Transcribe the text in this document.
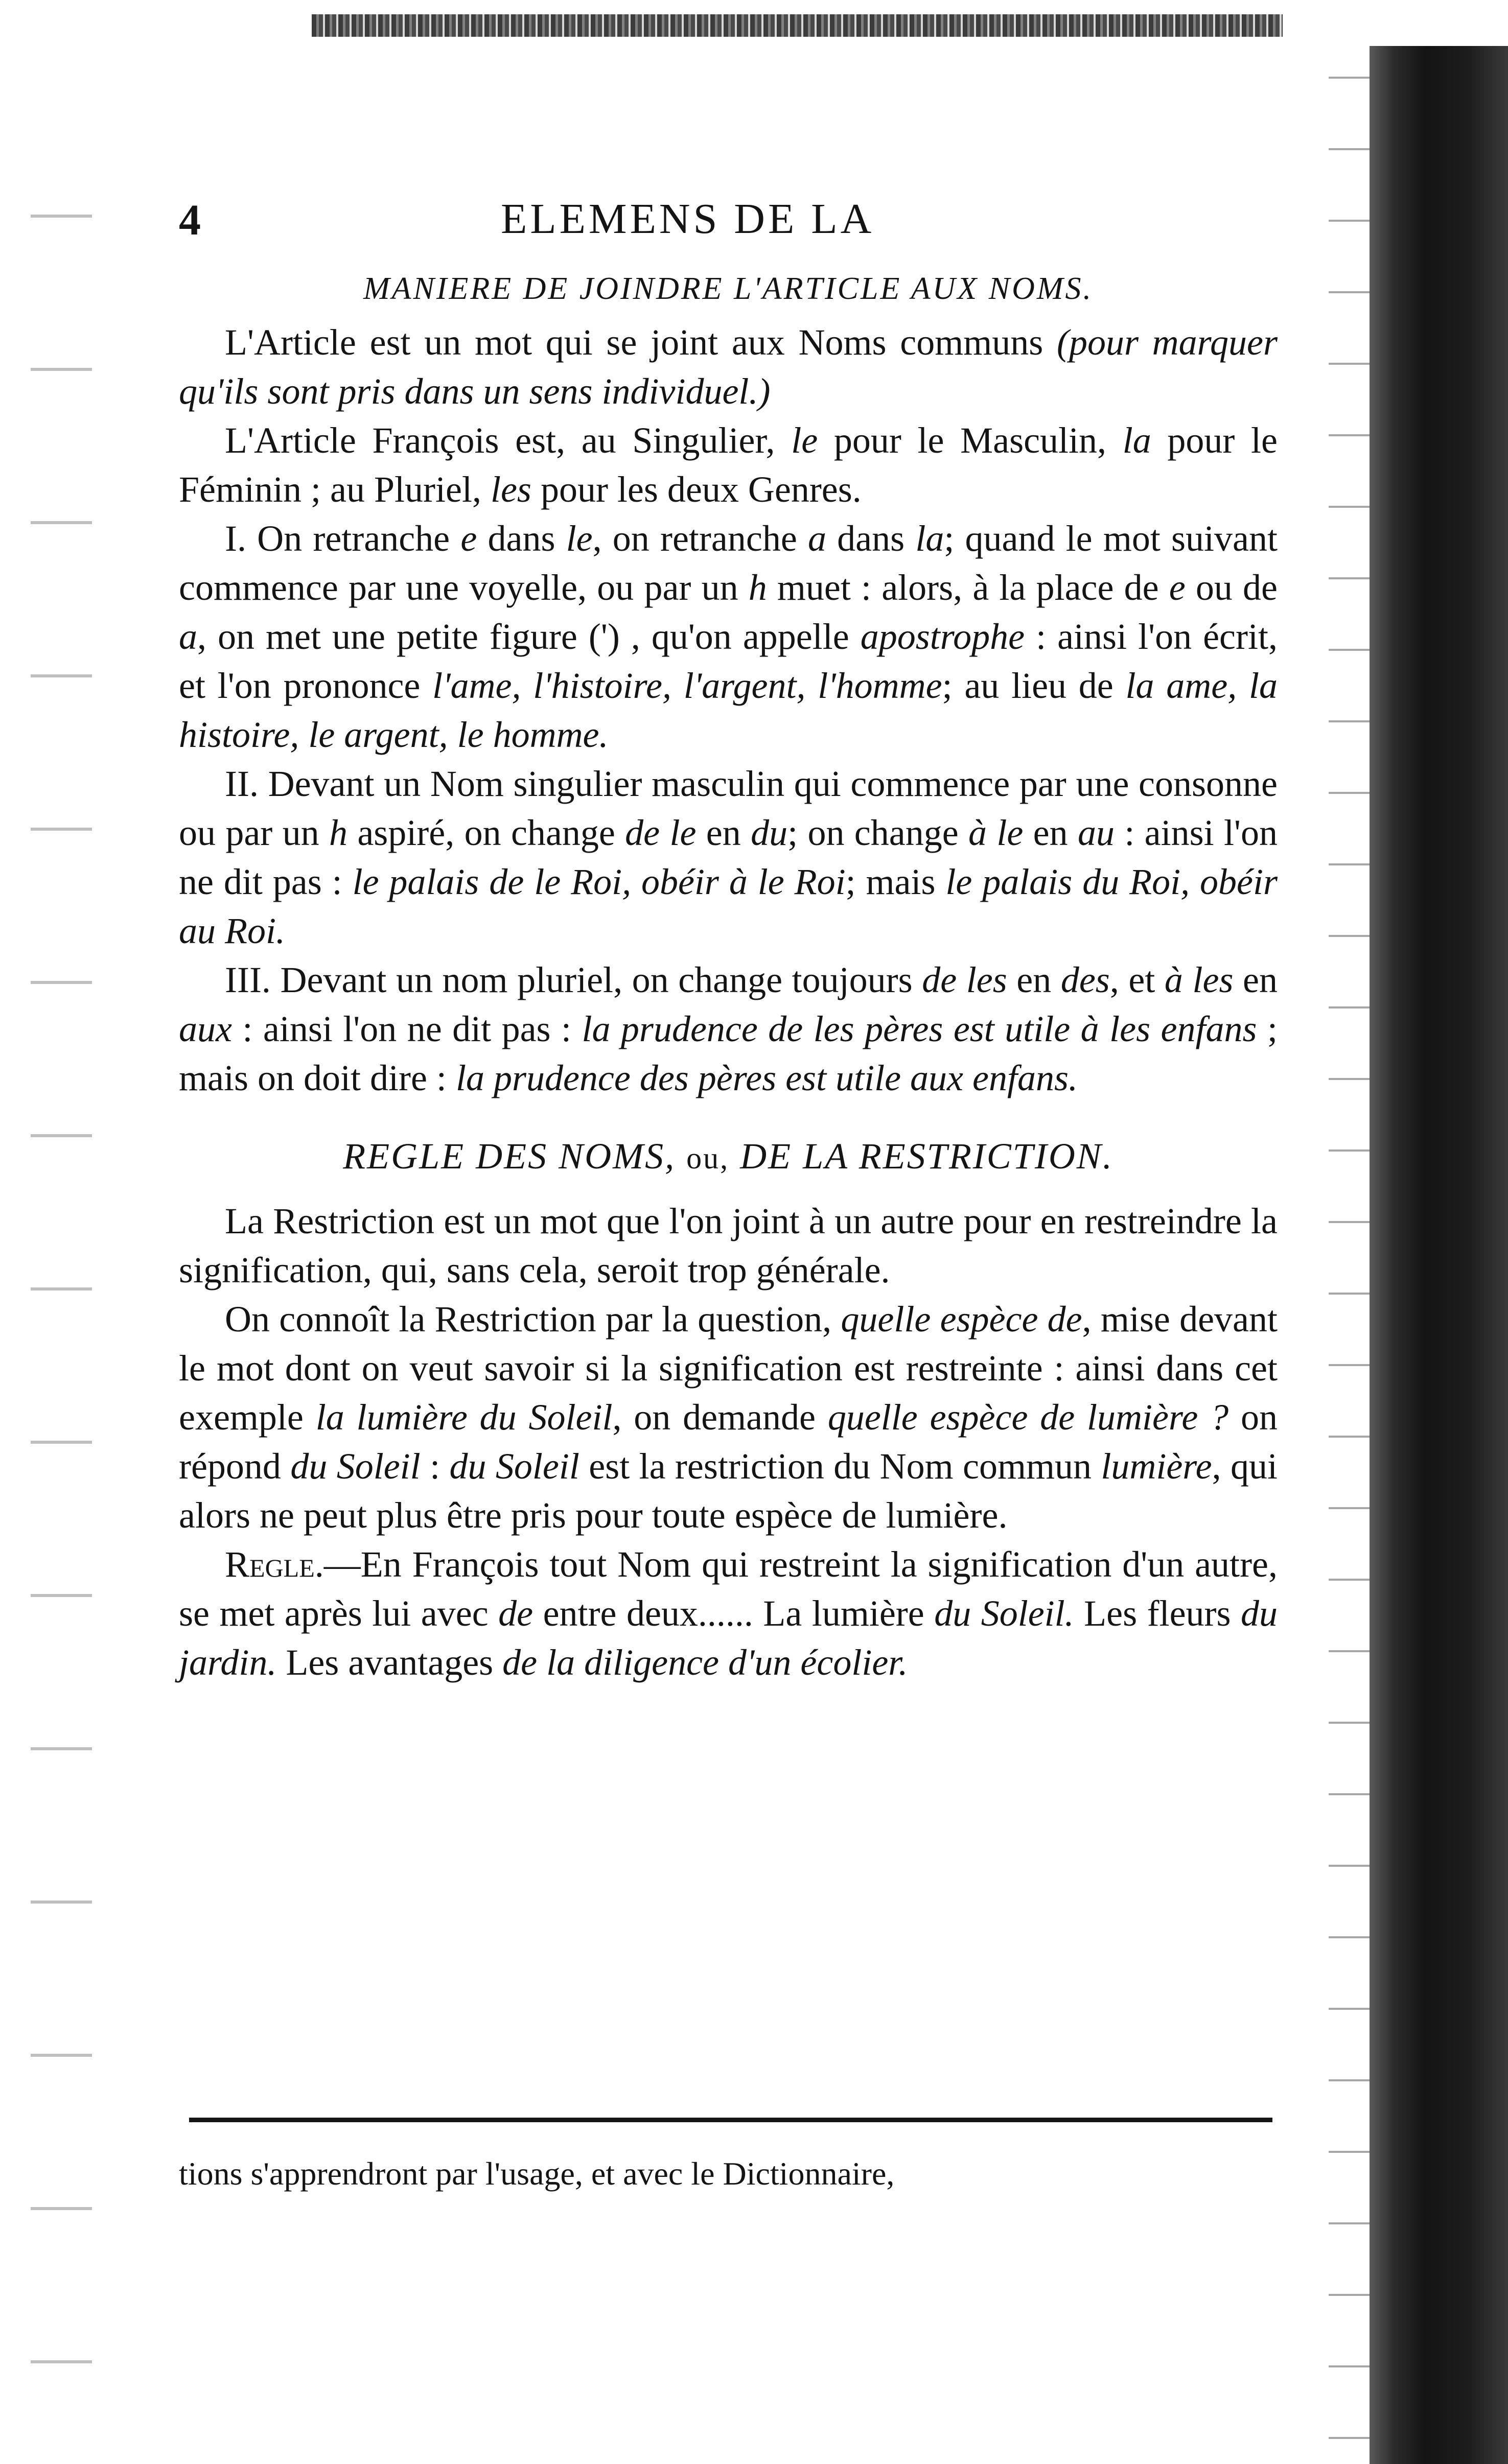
4	ELEMENS DE LA
MANIERE DE JOINDRE L'ARTICLE AUX NOMS.

L'Article est un mot qui se joint aux Noms communs (pour marquer qu'ils sont pris dans un sens individuel.)

L'Article François est, au Singulier, le pour le Masculin, la pour le Féminin ; au Pluriel, les pour les deux Genres.

I. On retranche e dans le, on retranche a dans la; quand le mot suivant commence par une voyelle, ou par un h muet : alors, à la place de e ou de a, on met une petite figure (') , qu'on appelle apostrophe : ainsi l'on écrit, et l'on prononce l'ame, l'histoire, l'argent, l'homme; au lieu de la ame, la histoire, le argent, le homme.

II. Devant un Nom singulier masculin qui commence par une consonne ou par un h aspiré, on change de le en du; on change à le en au : ainsi l'on ne dit pas : le palais de le Roi, obéir à le Roi; mais le palais du Roi, obéir au Roi.

III. Devant un nom pluriel, on change toujours de les en des, et à les en aux : ainsi l'on ne dit pas : la prudence de les pères est utile à les enfans ; mais on doit dire : la prudence des pères est utile aux enfans.

REGLE DES NOMS, ou, DE LA RESTRICTION.

La Restriction est un mot que l'on joint à un autre pour en restreindre la signification, qui, sans cela, seroit trop générale.

On connoît la Restriction par la question, quelle espèce de, mise devant le mot dont on veut savoir si la signification est restreinte : ainsi dans cet exemple la lumière du Soleil, on demande quelle espèce de lumière ? on répond du Soleil : du Soleil est la restriction du Nom commun lumière, qui alors ne peut plus être pris pour toute espèce de lumière.

Regle.—En François tout Nom qui restreint la signification d'un autre, se met après lui avec de entre deux...... La lumière du Soleil. Les fleurs du jardin. Les avantages de la diligence d'un écolier.

tions s'apprendront par l'usage, et avec le Dictionnaire,
